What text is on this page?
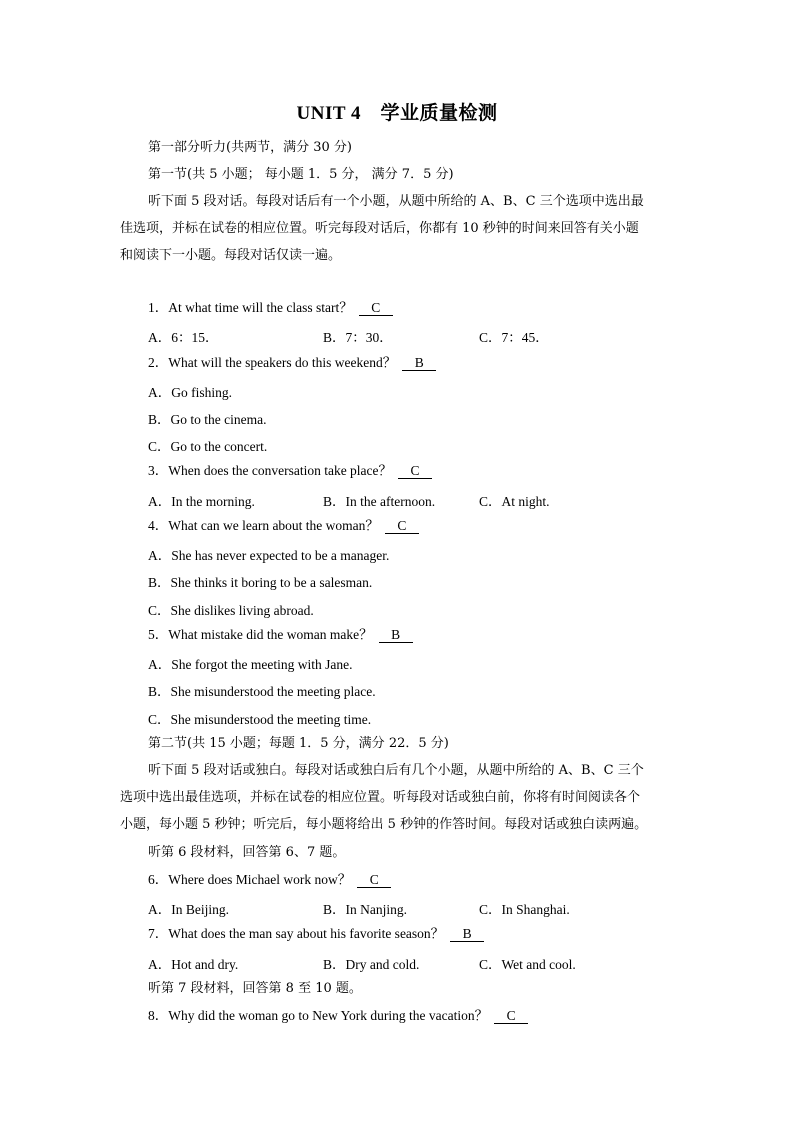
UNIT 4　学业质量检测
第一部分听力(共两节，满分 30 分)
第一节(共 5 小题； 每小题 1．5 分， 满分 7．5 分)
听下面 5 段对话。每段对话后有一个小题，从题中所给的 A、B、C 三个选项中选出最
佳选项，并标在试卷的相应位置。听完每段对话后，你都有 10 秒钟的时间来回答有关小题
和阅读下一小题。每段对话仅读一遍。
1．At what time will the class start？ C
A．6：15．	B．7：30．	C．7：45．
2．What will the speakers do this weekend？ B
A．Go fishing.
B．Go to the cinema.
C．Go to the concert.
3．When does the conversation take place？ C
A．In the morning.	B．In the afternoon.	C．At night.
4．What can we learn about the woman？ C
A．She has never expected to be a manager.
B．She thinks it boring to be a salesman.
C．She dislikes living abroad.
5．What mistake did the woman make？ B
A．She forgot the meeting with Jane.
B．She misunderstood the meeting place.
C．She misunderstood the meeting time.
第二节(共 15 小题；每题 1．5 分，满分 22．5 分)
听下面 5 段对话或独白。每段对话或独白后有几个小题，从题中所给的 A、B、C 三个
选项中选出最佳选项，并标在试卷的相应位置。听每段对话或独白前，你将有时间阅读各个
小题，每小题 5 秒钟；听完后，每小题将给出 5 秒钟的作答时间。每段对话或独白读两遍。
听第 6 段材料，回答第 6、7 题。
6．Where does Michael work now？ C
A．In Beijing.	B．In Nanjing.	C．In Shanghai.
7．What does the man say about his favorite season？ B
A．Hot and dry.	B．Dry and cold.	C．Wet and cool.
听第 7 段材料，回答第 8 至 10 题。
8．Why did the woman go to New York during the vacation？ C
